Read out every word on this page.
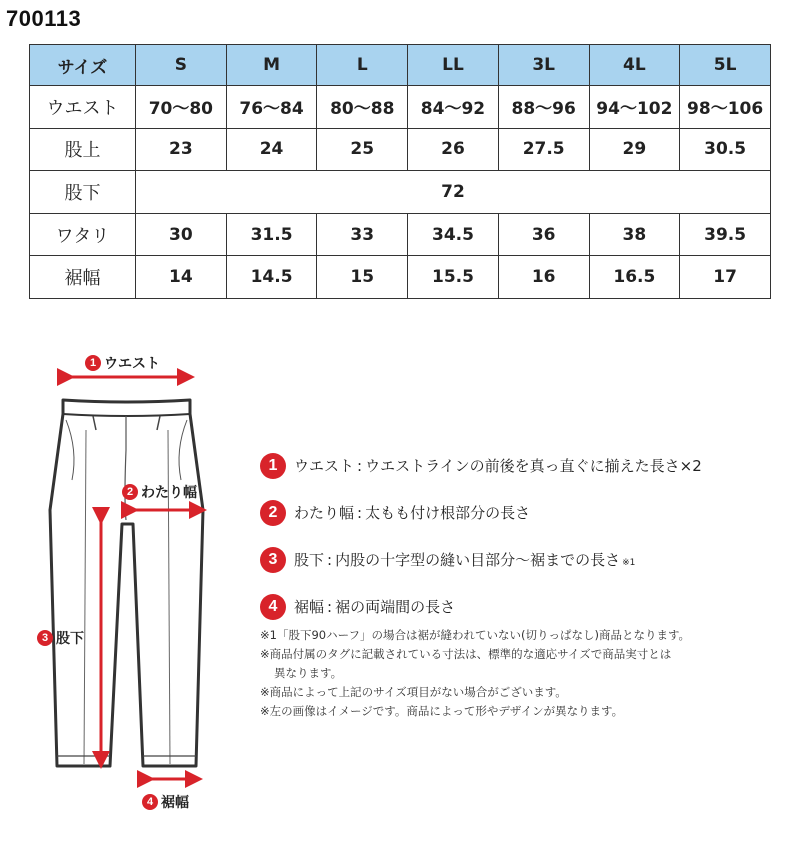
700113
サイズ	S	M	L	LL	3L	4L	5L
ウエスト	70〜80	76〜84	80〜88	84〜92	88〜96	94〜102	98〜106
股上	23	24	25	26	27.5	29	30.5
股下	72						
ワタリ	30	31.5	33	34.5	36	38	39.5
裾幅	14	14.5	15	15.5	16	16.5	17
1 ウエスト
2 わたり幅
3 股下
4 裾幅
1	ウエスト : ウエストラインの前後を真っ直ぐに揃えた長さ×2
2	わたり幅 : 太もも付け根部分の長さ
3	股下 : 内股の十字型の縫い目部分〜裾までの長さ ※1
4	裾幅 : 裾の両端間の長さ
※1「股下90ハーフ」の場合は裾が縫われていない(切りっぱなし)商品となります。
※商品付属のタグに記載されている寸法は、標準的な適応サイズで商品実寸とは
異なります。
※商品によって上記のサイズ項目がない場合がございます。
※左の画像はイメージです。商品によって形やデザインが異なります。
